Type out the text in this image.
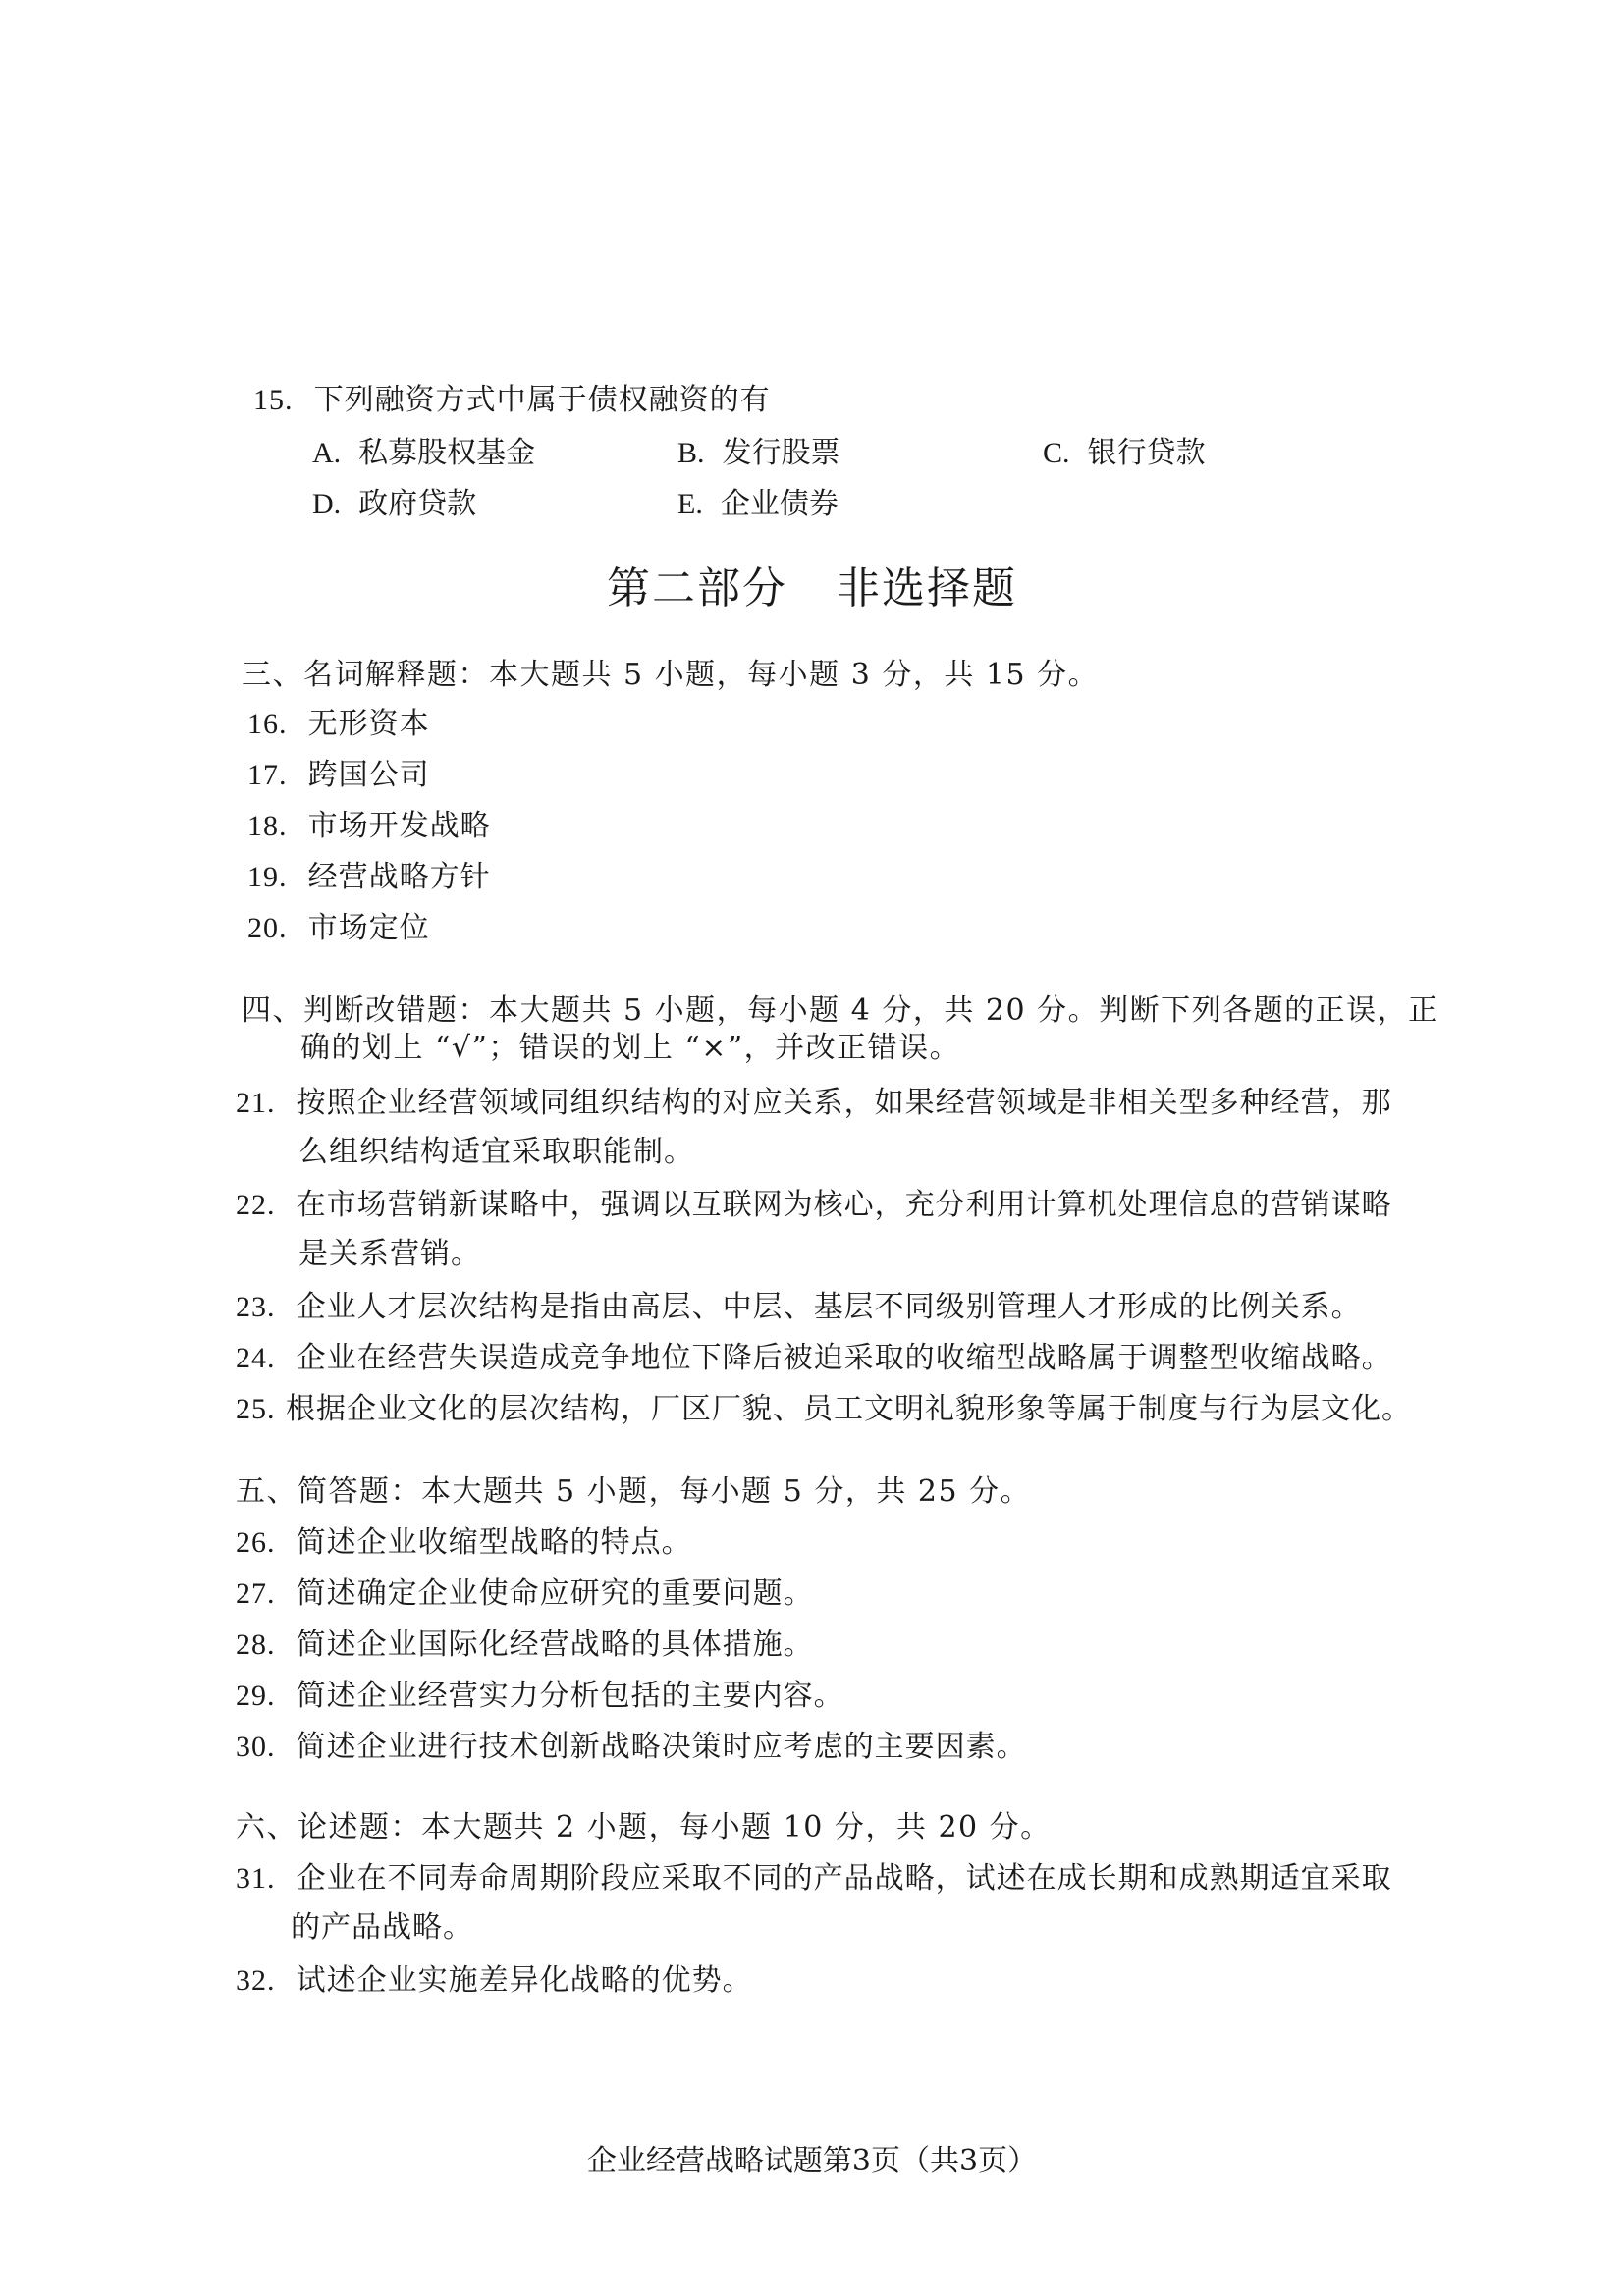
15. 下列融资方式中属于债权融资的有
A. 私募股权基金	B. 发行股票	C. 银行贷款
D. 政府贷款	E. 企业债券
第二部分 非选择题
三、名词解释题：本大题共 5 小题，每小题 3 分，共 15 分。
16. 无形资本
17. 跨国公司
18. 市场开发战略
19. 经营战略方针
20. 市场定位
四、判断改错题：本大题共 5 小题，每小题 4 分，共 20 分。判断下列各题的正误，正
确的划上 “√”；错误的划上 “×”，并改正错误。
21. 按照企业经营领域同组织结构的对应关系，如果经营领域是非相关型多种经营，那
么组织结构适宜采取职能制。
22. 在市场营销新谋略中，强调以互联网为核心，充分利用计算机处理信息的营销谋略
是关系营销。
23. 企业人才层次结构是指由高层、中层、基层不同级别管理人才形成的比例关系。
24. 企业在经营失误造成竞争地位下降后被迫采取的收缩型战略属于调整型收缩战略。
25. 根据企业文化的层次结构，厂区厂貌、员工文明礼貌形象等属于制度与行为层文化。
五、简答题：本大题共 5 小题，每小题 5 分，共 25 分。
26. 简述企业收缩型战略的特点。
27. 简述确定企业使命应研究的重要问题。
28. 简述企业国际化经营战略的具体措施。
29. 简述企业经营实力分析包括的主要内容。
30. 简述企业进行技术创新战略决策时应考虑的主要因素。
六、论述题：本大题共 2 小题，每小题 10 分，共 20 分。
31. 企业在不同寿命周期阶段应采取不同的产品战略，试述在成长期和成熟期适宜采取
的产品战略。
32. 试述企业实施差异化战略的优势。
企业经营战略试题第3页（共3页）
